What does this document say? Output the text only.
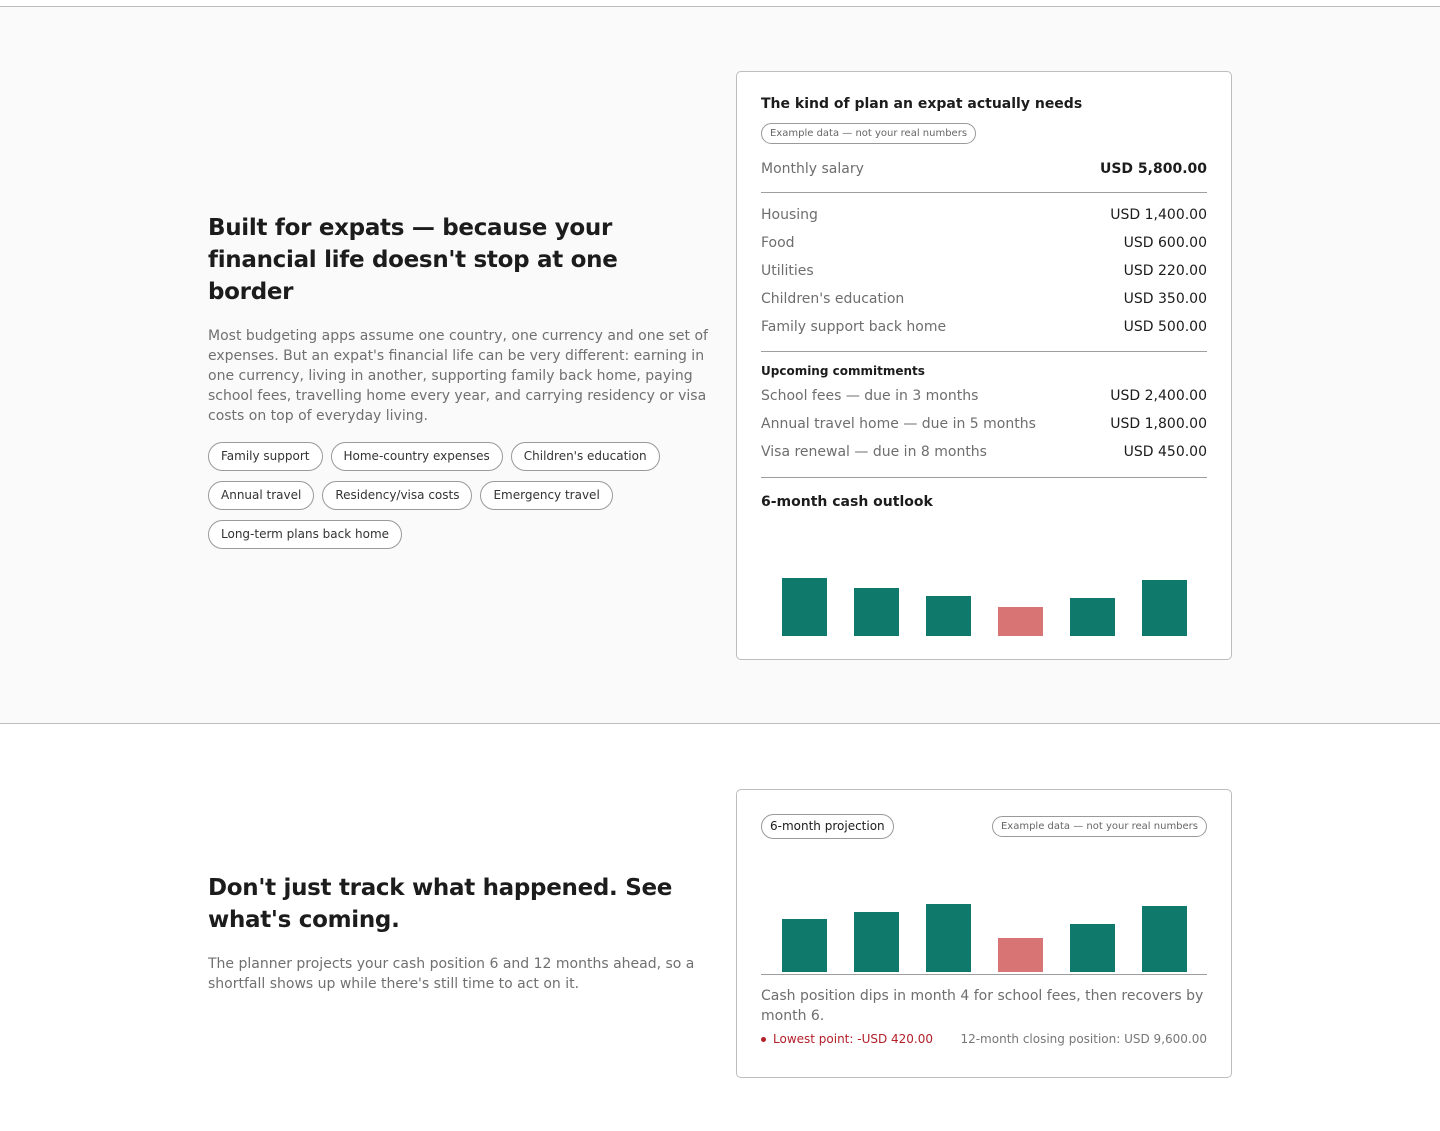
Built for expats — because your financial life doesn't stop at one border

Most budgeting apps assume one country, one currency and one set of expenses. But an expat's financial life can be very different: earning in one currency, living in another, supporting family back home, paying school fees, travelling home every year, and carrying residency or visa costs on top of everyday living.

Family support	Home-country expenses	Children's education
Annual travel	Residency/visa costs	Emergency travel
Long-term plans back home
The kind of plan an expat actually needs
Example data — not your real numbers
Monthly salary	USD 5,800.00
Housing	USD 1,400.00
Food	USD 600.00
Utilities	USD 220.00
Children's education	USD 350.00
Family support back home	USD 500.00
Upcoming commitments
School fees — due in 3 months	USD 2,400.00
Annual travel home — due in 5 months	USD 1,800.00
Visa renewal — due in 8 months	USD 450.00
6-month cash outlook
Don't just track what happened. See what's coming.

The planner projects your cash position 6 and 12 months ahead, so a shortfall shows up while there's still time to act on it.

6-month projection	Example data — not your real numbers
Cash position dips in month 4 for school fees, then recovers by month 6.
Lowest point: -USD 420.00 12-month closing position: USD 9,600.00
